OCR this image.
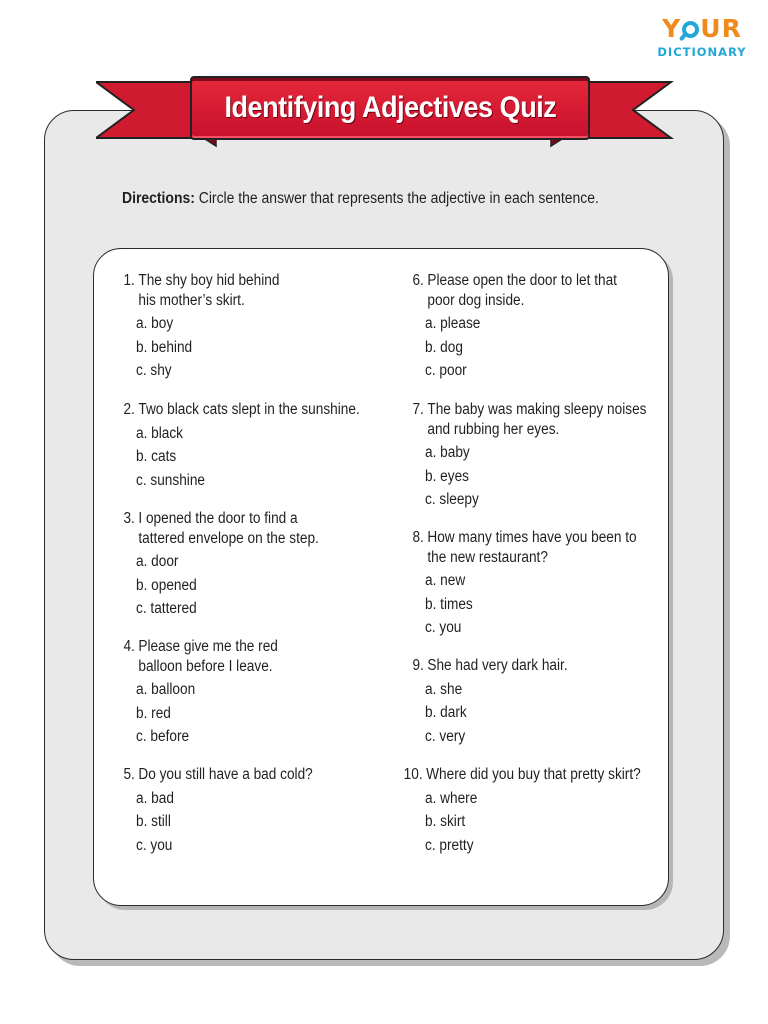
Y UR
DICTIONARY
Identifying Adjectives Quiz
Directions: Circle the answer that represents the adjective in each sentence.
1. The shy boy hid behind his mother’s skirt.
a. boy
b. behind
c. shy
2. Two black cats slept in the sunshine.
a. black
b. cats
c. sunshine
3. I opened the door to find a tattered envelope on the step.
a. door
b. opened
c. tattered
4. Please give me the red balloon before I leave.
a. balloon
b. red
c. before
5. Do you still have a bad cold?
a. bad
b. still
c. you
6. Please open the door to let that poor dog inside.
a. please
b. dog
c. poor
7. The baby was making sleepy noises and rubbing her eyes.
a. baby
b. eyes
c. sleepy
8. How many times have you been to the new restaurant?
a. new
b. times
c. you
9. She had very dark hair.
a. she
b. dark
c. very
10. Where did you buy that pretty skirt?
a. where
b. skirt
c. pretty
